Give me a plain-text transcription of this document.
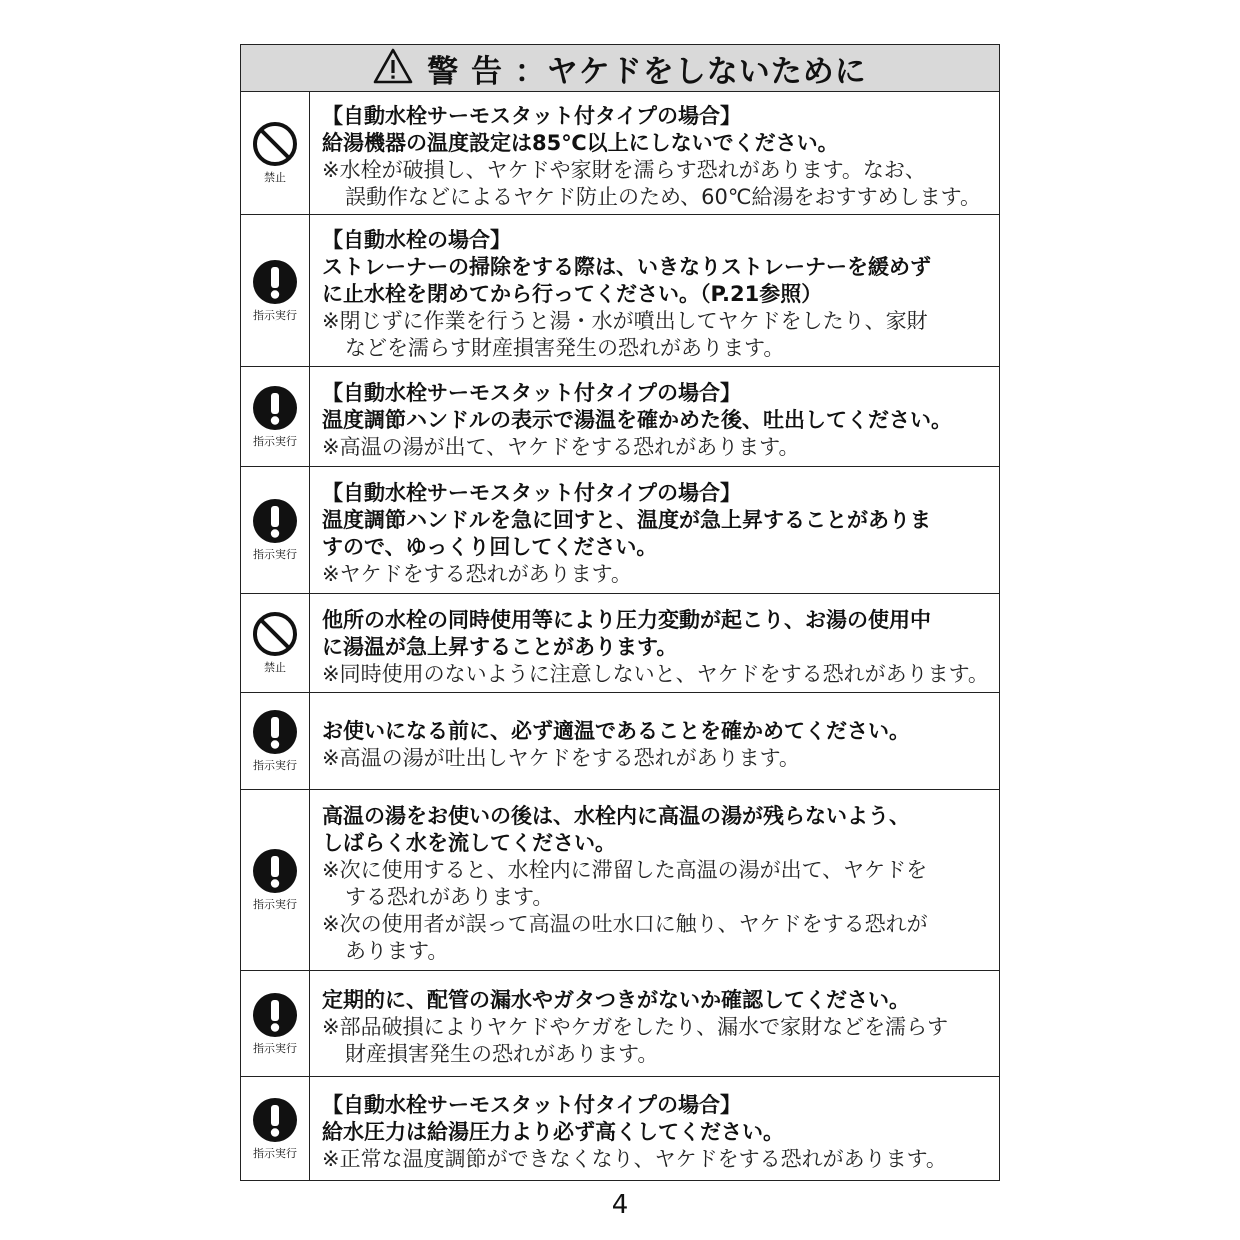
警 告 ：ヤケドをしないために
禁止
【自動水栓サーモスタット付タイプの場合】
給湯機器の温度設定は85℃以上にしないでください。
※水栓が破損し、ヤケドや家財を濡らす恐れがあります。なお、
誤動作などによるヤケド防止のため、60℃給湯をおすすめします。
指示実行
【自動水栓の場合】
ストレーナーの掃除をする際は、いきなりストレーナーを緩めず
に止水栓を閉めてから行ってください。（P.21参照）
※閉じずに作業を行うと湯・水が噴出してヤケドをしたり、家財
などを濡らす財産損害発生の恐れがあります。
指示実行
【自動水栓サーモスタット付タイプの場合】
温度調節ハンドルの表示で湯温を確かめた後、吐出してください。
※高温の湯が出て、ヤケドをする恐れがあります。
指示実行
【自動水栓サーモスタット付タイプの場合】
温度調節ハンドルを急に回すと、温度が急上昇することがありま
すので、ゆっくり回してください。
※ヤケドをする恐れがあります。
禁止
他所の水栓の同時使用等により圧力変動が起こり、お湯の使用中
に湯温が急上昇することがあります。
※同時使用のないように注意しないと、ヤケドをする恐れがあります。
指示実行
お使いになる前に、必ず適温であることを確かめてください。
※高温の湯が吐出しヤケドをする恐れがあります。
指示実行
高温の湯をお使いの後は、水栓内に高温の湯が残らないよう、
しばらく水を流してください。
※次に使用すると、水栓内に滞留した高温の湯が出て、ヤケドを
する恐れがあります。
※次の使用者が誤って高温の吐水口に触り、ヤケドをする恐れが
あります。
指示実行
定期的に、配管の漏水やガタつきがないか確認してください。
※部品破損によりヤケドやケガをしたり、漏水で家財などを濡らす
財産損害発生の恐れがあります。
指示実行
【自動水栓サーモスタット付タイプの場合】
給水圧力は給湯圧力より必ず高くしてください。
※正常な温度調節ができなくなり、ヤケドをする恐れがあります。
4
